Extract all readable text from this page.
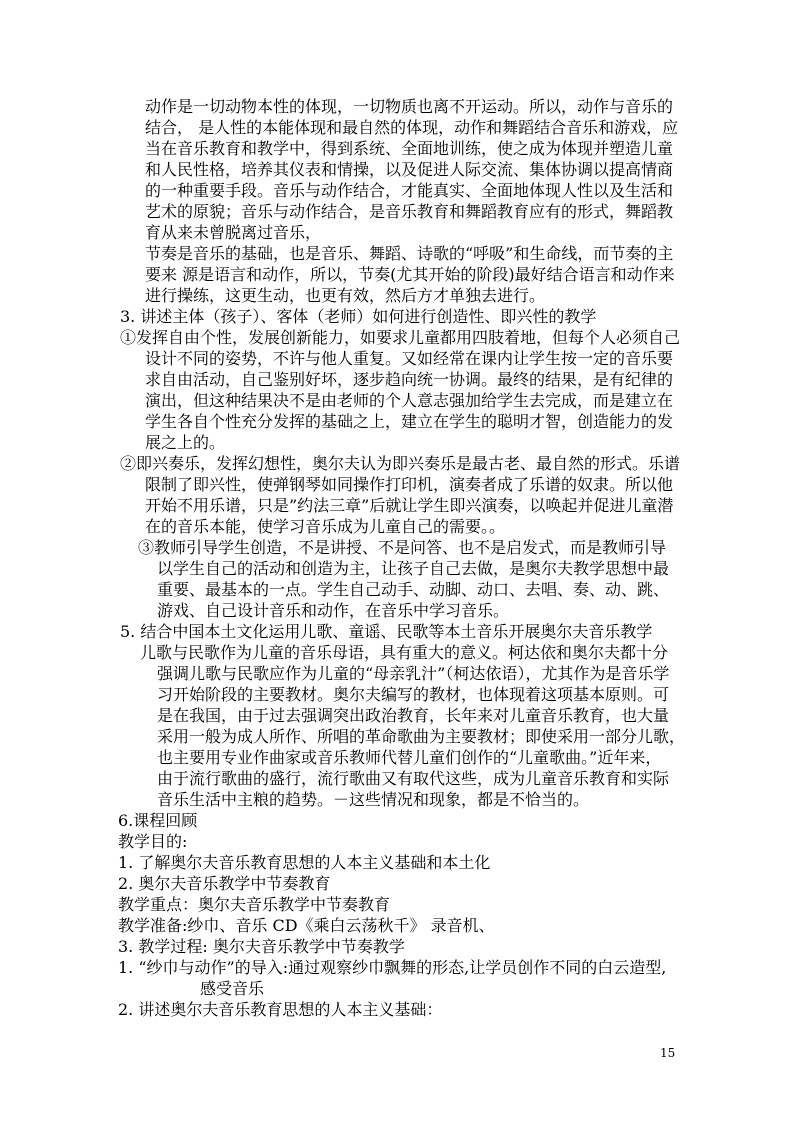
动作是一切动物本性的体现，一切物质也离不开运动。所以，动作与音乐的
结合， 是人性的本能体现和最自然的体现，动作和舞蹈结合音乐和游戏，应
当在音乐教育和教学中，得到系统、全面地训练，使之成为体现并塑造儿童
和人民性格，培养其仪表和情操，以及促进人际交流、集体协调以提高情商
的一种重要手段。音乐与动作结合，才能真实、全面地体现人性以及生活和
艺术的原貌；音乐与动作结合，是音乐教育和舞蹈教育应有的形式，舞蹈教
育从来未曾脱离过音乐，
节奏是音乐的基础，也是音乐、舞蹈、诗歌的“呼吸”和生命线，而节奏的主
要来 源是语言和动作，所以，节奏(尤其开始的阶段)最好结合语言和动作来
进行操练，这更生动，也更有效，然后方才单独去进行。
3. 讲述主体（孩子）、客体（老师）如何进行创造性、即兴性的教学
①发挥自由个性，发展创新能力，如要求儿童都用四肢着地，但每个人必须自己
设计不同的姿势，不许与他人重复。又如经常在课内让学生按一定的音乐要
求自由活动，自己鉴别好坏，逐步趋向统一协调。最终的结果，是有纪律的
演出，但这种结果决不是由老师的个人意志强加给学生去完成，而是建立在
学生各自个性充分发挥的基础之上，建立在学生的聪明才智，创造能力的发
展之上的。
②即兴奏乐，发挥幻想性，奥尔夫认为即兴奏乐是最古老、最自然的形式。乐谱
限制了即兴性，使弹钢琴如同操作打印机，演奏者成了乐谱的奴隶。所以他
开始不用乐谱，只是”约法三章”后就让学生即兴演奏，以唤起并促进儿童潜
在的音乐本能，使学习音乐成为儿童自己的需要。。
③教师引导学生创造，不是讲授、不是问答、也不是启发式，而是教师引导
以学生自己的活动和创造为主，让孩子自己去做，是奥尔夫教学思想中最
重要、最基本的一点。学生自己动手、动脚、动口、去唱、奏、动、跳、
游戏、自己设计音乐和动作，在音乐中学习音乐。
5. 结合中国本土文化运用儿歌、童谣、民歌等本土音乐开展奥尔夫音乐教学
儿歌与民歌作为儿童的音乐母语，具有重大的意义。柯达依和奥尔夫都十分
强调儿歌与民歌应作为儿童的“母亲乳汁”（柯达依语），尤其作为是音乐学
习开始阶段的主要教材。奥尔夫编写的教材，也体现着这项基本原则。可
是在我国，由于过去强调突出政治教育，长年来对儿童音乐教育，也大量
采用一般为成人所作、所唱的革命歌曲为主要教材；即使采用一部分儿歌，
也主要用专业作曲家或音乐教师代替儿童们创作的“儿童歌曲。”近年来，
由于流行歌曲的盛行，流行歌曲又有取代这些，成为儿童音乐教育和实际
音乐生活中主粮的趋势。－这些情况和现象，都是不恰当的。
6.课程回顾
教学目的:
1. 了解奥尔夫音乐教育思想的人本主义基础和本土化
2. 奥尔夫音乐教学中节奏教育
教学重点：奥尔夫音乐教学中节奏教育
教学准备:纱巾、音乐 CD《乘白云荡秋千》 录音机、
3. 教学过程: 奥尔夫音乐教学中节奏教学
1. “纱巾与动作”的导入:通过观察纱巾飘舞的形态,让学员创作不同的白云造型,
感受音乐
2. 讲述奥尔夫音乐教育思想的人本主义基础：
15
